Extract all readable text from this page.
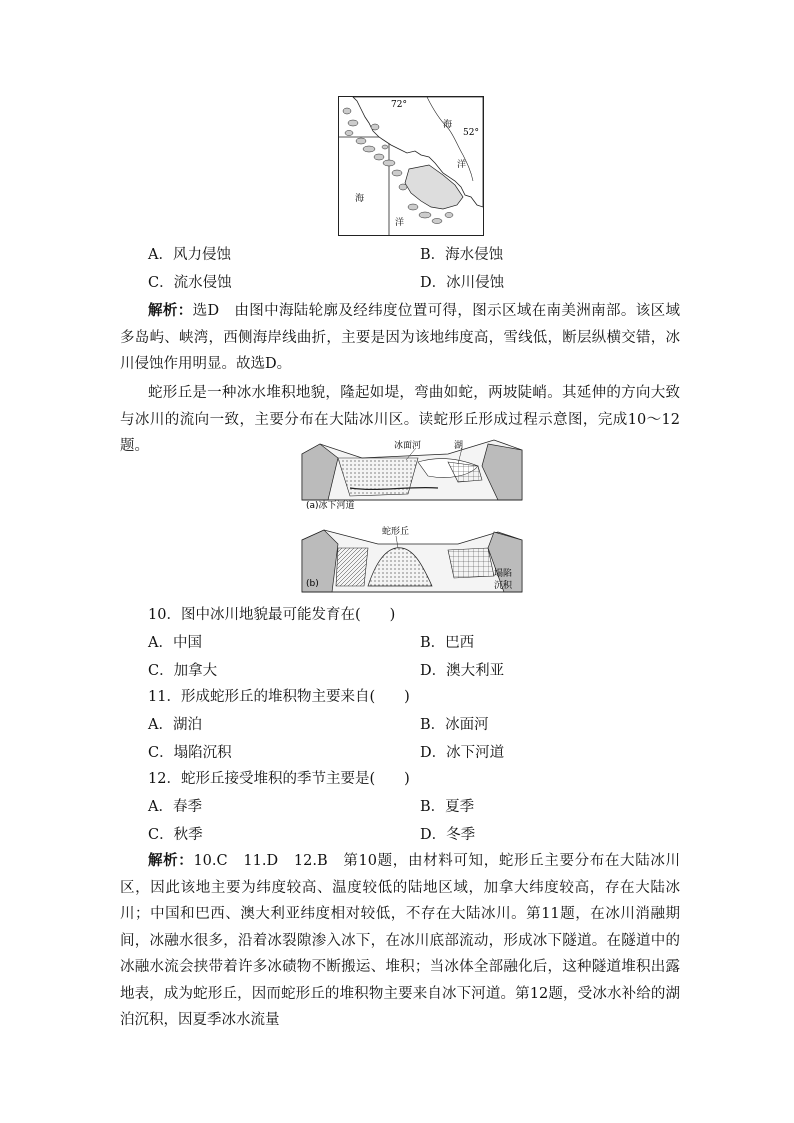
72°
52°
海
洋
海
洋
A．风力侵蚀	B．海水侵蚀
C．流水侵蚀	D．冰川侵蚀

解析：选D　由图中海陆轮廓及经纬度位置可得，图示区域在南美洲南部。该区域多岛屿、峡湾，西侧海岸线曲折，主要是因为该地纬度高，雪线低，断层纵横交错，冰川侵蚀作用明显。故选D。

蛇形丘是一种冰水堆积地貌，隆起如堤，弯曲如蛇，两坡陡峭。其延伸的方向大致与冰川的流向一致，主要分布在大陆冰川区。读蛇形丘形成过程示意图，完成10～12题。	冰面河	湖
(a)冰下河道
蛇形丘
(b)
塌陷
沉积
10．图中冰川地貌最可能发育在(　　)
A．中国	B．巴西
C．加拿大	D．澳大利亚
11．形成蛇形丘的堆积物主要来自(　　)
A．湖泊	B．冰面河
C．塌陷沉积	D．冰下河道
12．蛇形丘接受堆积的季节主要是(　　)
A．春季	B．夏季
C．秋季	D．冬季

解析：10.C　11.D　12.B　第10题，由材料可知，蛇形丘主要分布在大陆冰川区，因此该地主要为纬度较高、温度较低的陆地区域，加拿大纬度较高，存在大陆冰川；中国和巴西、澳大利亚纬度相对较低，不存在大陆冰川。第11题，在冰川消融期间，冰融水很多，沿着冰裂隙渗入冰下，在冰川底部流动，形成冰下隧道。在隧道中的冰融水流会挟带着许多冰碛物不断搬运、堆积；当冰体全部融化后，这种隧道堆积出露地表，成为蛇形丘，因而蛇形丘的堆积物主要来自冰下河道。第12题，受冰水补给的湖泊沉积，因夏季冰水流量
